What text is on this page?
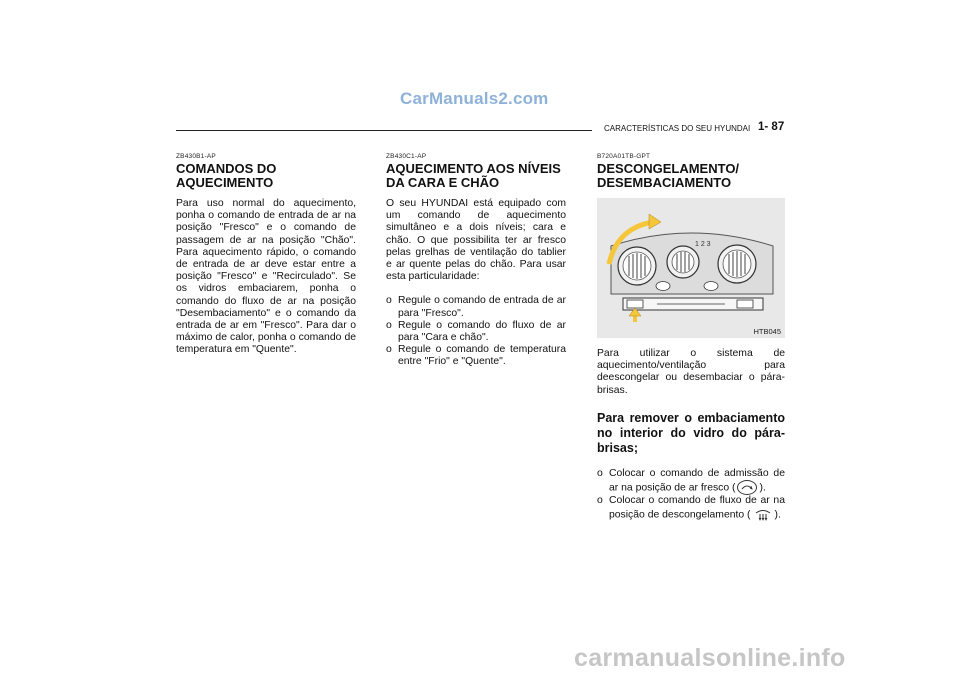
CarManuals2.com
CARACTERÍSTICAS DO SEU HYUNDAI 1- 87
ZB430B1-AP
COMANDOS DO AQUECIMENTO

Para uso normal do aquecimento, ponha o comando de entrada de ar na posição "Fresco" e o comando de passagem de ar na posição "Chão". Para aquecimento rápido, o comando de entrada de ar deve estar entre a posição "Fresco" e "Recirculado". Se os vidros embaciarem, ponha o comando do fluxo de ar na posição "Desembaciamento" e o comando da entrada de ar em "Fresco". Para dar o máximo de calor, ponha o comando de temperatura em "Quente".

ZB430C1-AP
AQUECIMENTO AOS NÍVEIS DA CARA E CHÃO

O seu HYUNDAI está equipado com um comando de aquecimento simultâneo e a dois níveis; cara e chão. O que possibilita ter ar fresco pelas grelhas de ventilação do tablier e ar quente pelas do chão. Para usar esta particularidade:

o Regule o comando de entrada de ar para "Fresco".
o Regule o comando do fluxo de ar para "Cara e chão".
o Regule o comando de temperatura entre "Frio" e "Quente".
B720A01TB-GPT
DESCONGELAMENTO/ DESEMBACIAMENTO
1 2 3
HTB045

Para utilizar o sistema de aquecimento/ventilação para deescongelar ou desembaciar o pára-brisas.

Para remover o embaciamento no interior do vidro do pára-brisas;
o Colocar o comando de admissão de ar na posição de ar fresco ( ).
o Colocar o comando de fluxo de ar na posição de descongelamento ( ).
carmanualsonline.info
